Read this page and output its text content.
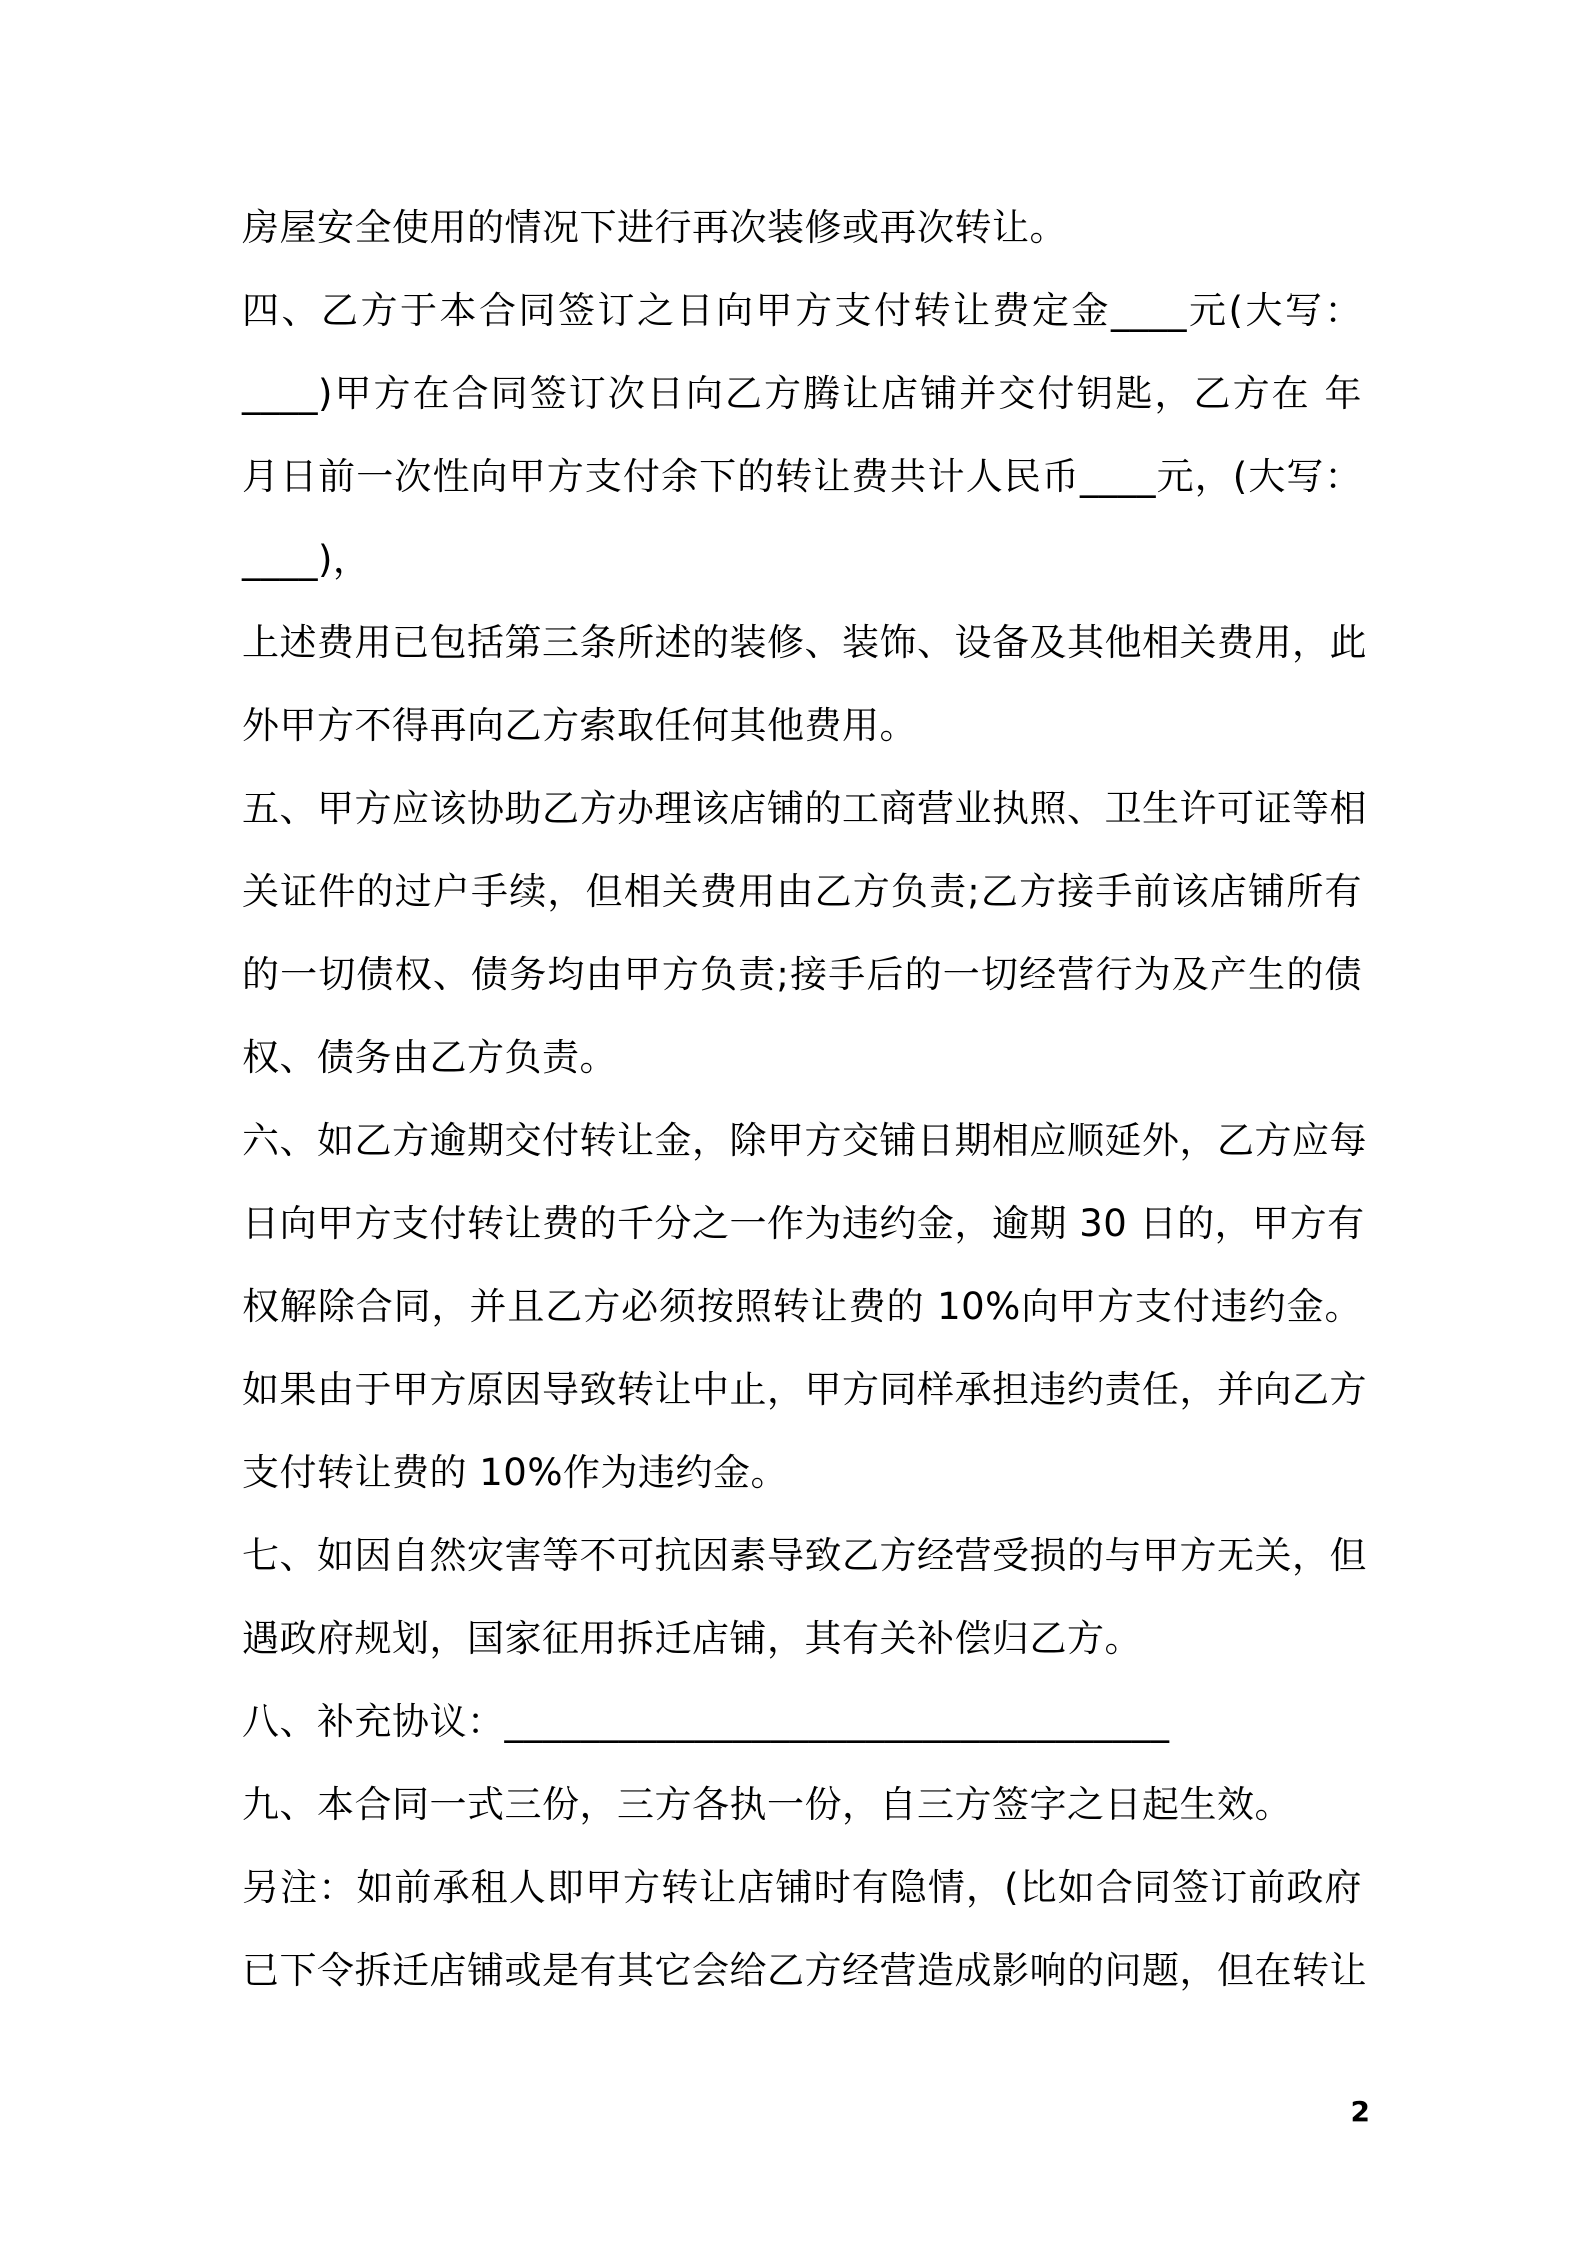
房屋安全使用的情况下进行再次装修或再次转让。
四、乙方于本合同签订之日向甲方支付转让费定金____元(大写：
____)甲方在合同签订次日向乙方腾让店铺并交付钥匙，乙方在 年
月日前一次性向甲方支付余下的转让费共计人民币____元，(大写：
____)，
上述费用已包括第三条所述的装修、装饰、设备及其他相关费用，此
外甲方不得再向乙方索取任何其他费用。
五、甲方应该协助乙方办理该店铺的工商营业执照、卫生许可证等相
关证件的过户手续，但相关费用由乙方负责;乙方接手前该店铺所有
的一切债权、债务均由甲方负责;接手后的一切经营行为及产生的债
权、债务由乙方负责。
六、如乙方逾期交付转让金，除甲方交铺日期相应顺延外，乙方应每
日向甲方支付转让费的千分之一作为违约金，逾期 30 日的，甲方有
权解除合同，并且乙方必须按照转让费的 10%向甲方支付违约金。
如果由于甲方原因导致转让中止，甲方同样承担违约责任，并向乙方
支付转让费的 10%作为违约金。
七、如因自然灾害等不可抗因素导致乙方经营受损的与甲方无关，但
遇政府规划，国家征用拆迁店铺，其有关补偿归乙方。
八、补充协议：___________________________________
九、本合同一式三份，三方各执一份，自三方签字之日起生效。
另注：如前承租人即甲方转让店铺时有隐情，(比如合同签订前政府
已下令拆迁店铺或是有其它会给乙方经营造成影响的问题，但在转让
2
